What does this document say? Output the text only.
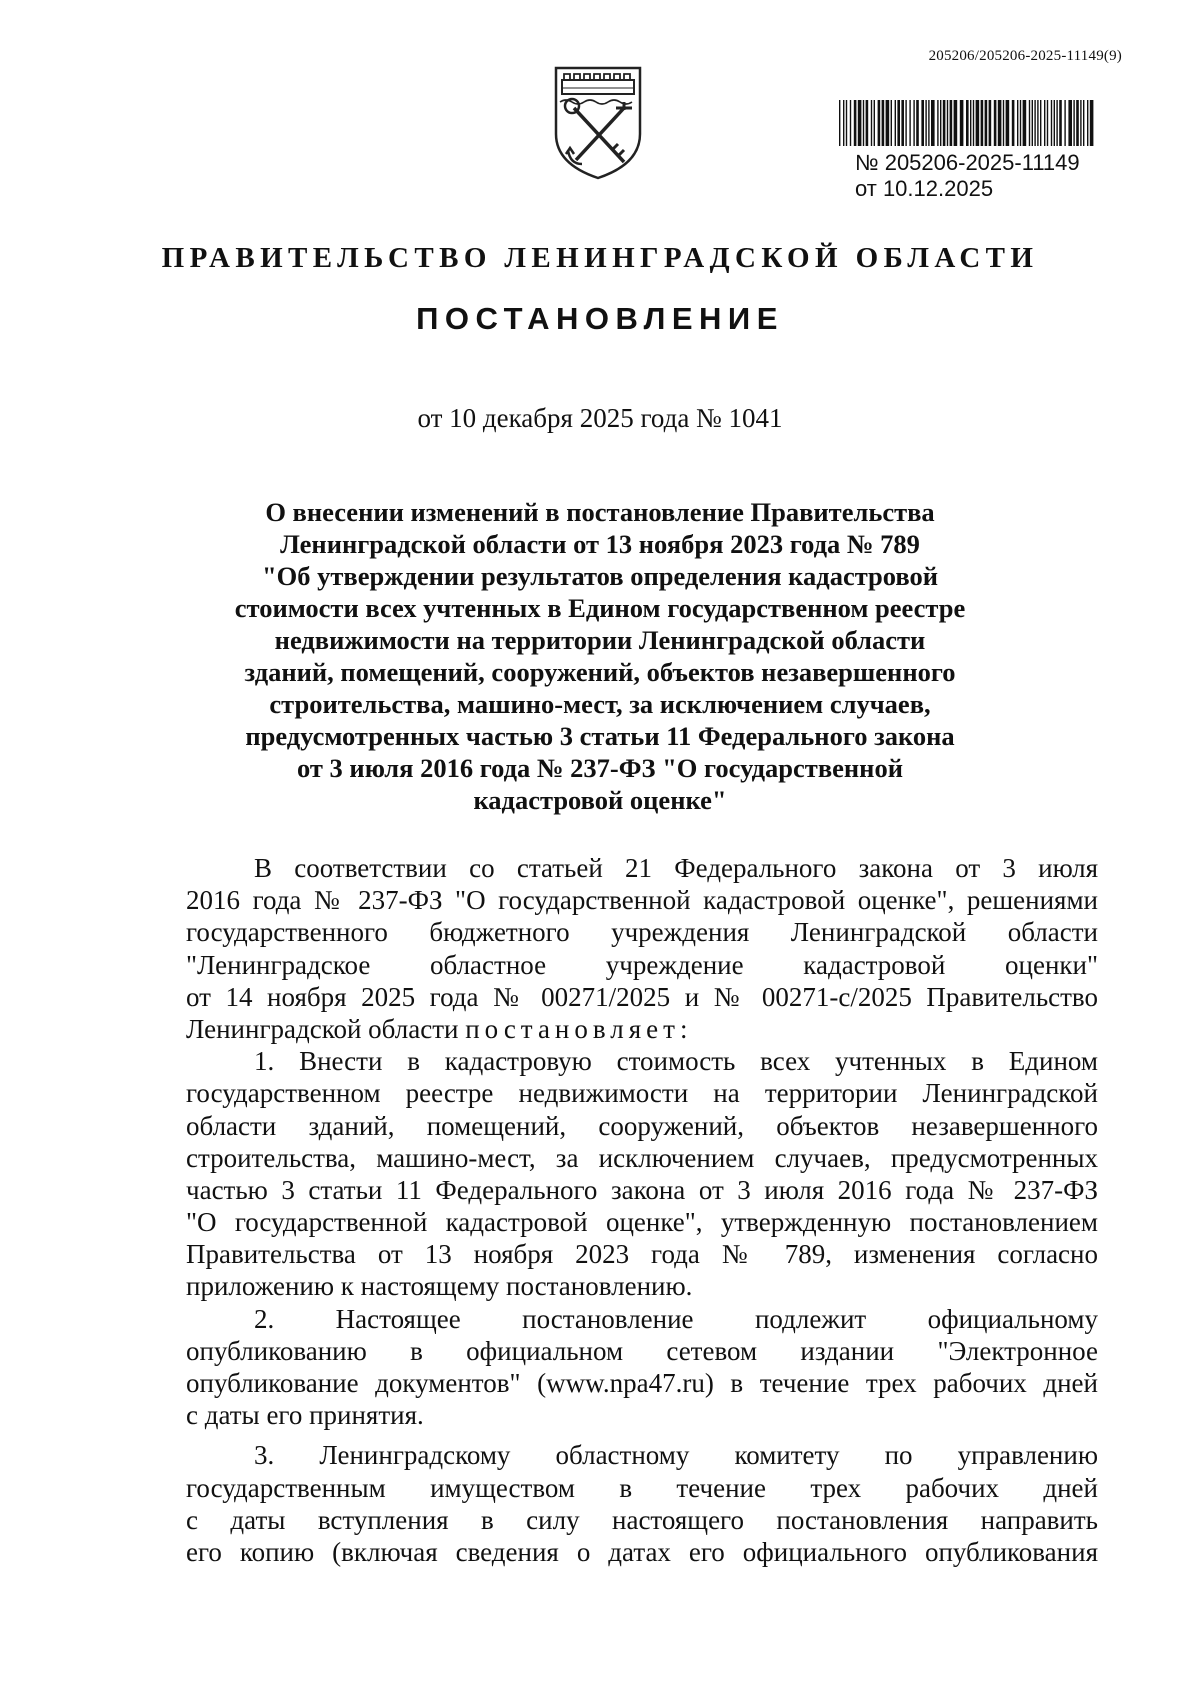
205206/205206-2025-11149(9)
№ 205206-2025-11149
от 10.12.2025
ПРАВИТЕЛЬСТВО ЛЕНИНГРАДСКОЙ ОБЛАСТИ
ПОСТАНОВЛЕНИЕ
от 10 декабря 2025 года № 1041
О внесении изменений в постановление Правительства
Ленинградской области от 13 ноября 2023 года № 789
"Об утверждении результатов определения кадастровой
стоимости всех учтенных в Едином государственном реестре
недвижимости на территории Ленинградской области
зданий, помещений, сооружений, объектов незавершенного
строительства, машино-мест, за исключением случаев,
предусмотренных частью 3 статьи 11 Федерального закона
от 3 июля 2016 года № 237-ФЗ "О государственной
кадастровой оценке"
В соответствии со статьей 21 Федерального закона от 3 июля
2016 года № 237-ФЗ "О государственной кадастровой оценке", решениями
государственного бюджетного учреждения Ленинградской области
"Ленинградское областное учреждение кадастровой оценки"
от 14 ноября 2025 года № 00271/2025 и № 00271-с/2025 Правительство
Ленинградской области постановляет:
1. Внести в кадастровую стоимость всех учтенных в Едином
государственном реестре недвижимости на территории Ленинградской
области зданий, помещений, сооружений, объектов незавершенного
строительства, машино-мест, за исключением случаев, предусмотренных
частью 3 статьи 11 Федерального закона от 3 июля 2016 года № 237-ФЗ
"О государственной кадастровой оценке", утвержденную постановлением
Правительства от 13 ноября 2023 года № 789, изменения согласно
приложению к настоящему постановлению.
2. Настоящее постановление подлежит официальному
опубликованию в официальном сетевом издании "Электронное
опубликование документов" (www.npa47.ru) в течение трех рабочих дней
с даты его принятия.
3. Ленинградскому областному комитету по управлению
государственным имуществом в течение трех рабочих дней
с даты вступления в силу настоящего постановления направить
его копию (включая сведения о датах его официального опубликования
